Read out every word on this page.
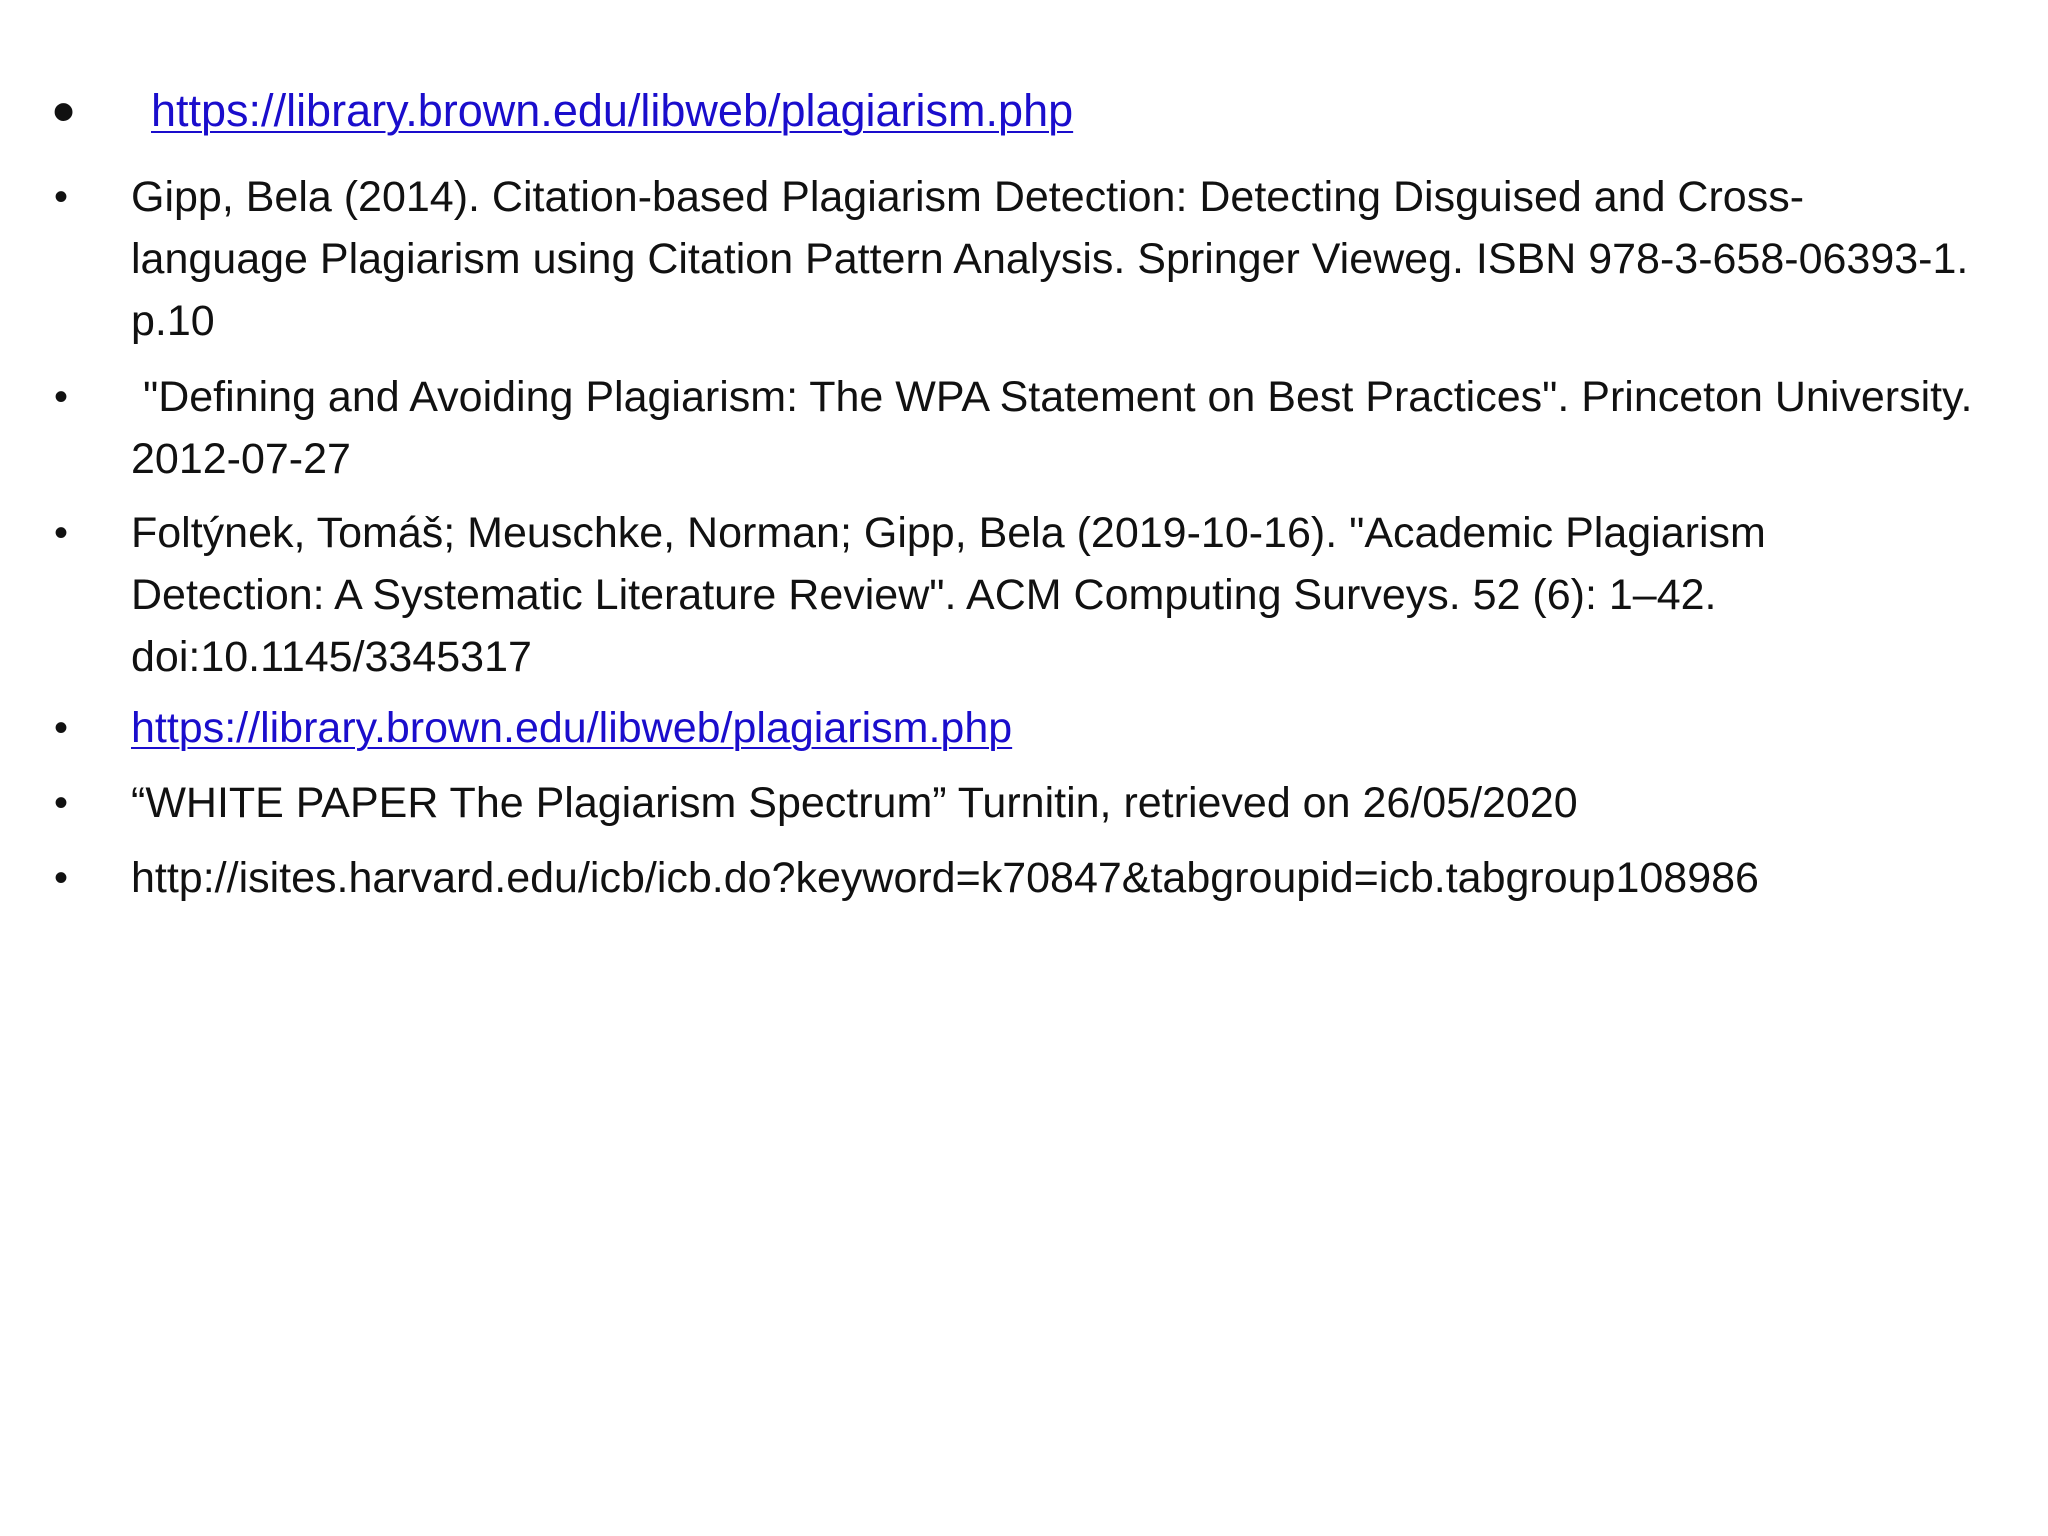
• https://library.brown.edu/libweb/plagiarism.php
• Gipp, Bela (2014). Citation-based Plagiarism Detection: Detecting Disguised and Cross-language Plagiarism using Citation Pattern Analysis. Springer Vieweg. ISBN 978-3-658-06393-1. p.10
• "Defining and Avoiding Plagiarism: The WPA Statement on Best Practices". Princeton University. 2012-07-27
• Foltýnek, Tomáš; Meuschke, Norman; Gipp, Bela (2019-10-16). "Academic Plagiarism Detection: A Systematic Literature Review". ACM Computing Surveys. 52 (6): 1–42. doi:10.1145/3345317
• https://library.brown.edu/libweb/plagiarism.php
• “WHITE PAPER The Plagiarism Spectrum” Turnitin, retrieved on 26/05/2020
• http://isites.harvard.edu/icb/icb.do?keyword=k70847&tabgroupid=icb.tabgroup108986
